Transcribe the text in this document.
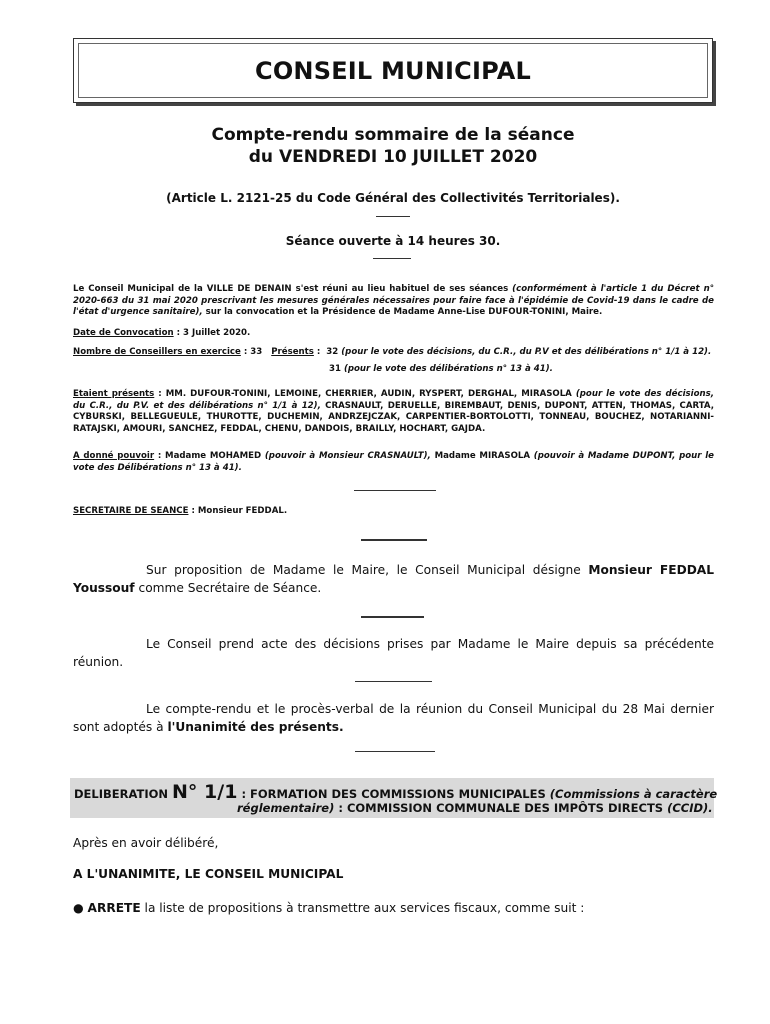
CONSEIL MUNICIPAL
Compte-rendu sommaire de la séance
du VENDREDI 10 JUILLET 2020
(Article L. 2121-25 du Code Général des Collectivités Territoriales).
Séance ouverte à 14 heures 30.
Le Conseil Municipal de la VILLE DE DENAIN s'est réuni au lieu habituel de ses séances (conformément à l'article 1 du Décret n° 2020-663 du 31 mai 2020 prescrivant les mesures générales nécessaires pour faire face à l'épidémie de Covid-19 dans le cadre de l'état d'urgence sanitaire), sur la convocation et la Présidence de Madame Anne-Lise DUFOUR-TONINI, Maire.
Date de Convocation : 3 Juillet 2020.
Nombre de Conseillers en exercice : 33   Présents :  32 (pour le vote des décisions, du C.R., du P.V et des délibérations n° 1/1 à 12).
31 (pour le vote des délibérations n° 13 à 41).
Etaient présents : MM. DUFOUR-TONINI, LEMOINE, CHERRIER, AUDIN, RYSPERT, DERGHAL, MIRASOLA (pour le vote des décisions, du C.R., du P.V. et des délibérations n° 1/1 à 12), CRASNAULT, DERUELLE, BIREMBAUT, DENIS, DUPONT, ATTEN, THOMAS, CARTA, CYBURSKI, BELLEGUEULE, THUROTTE, DUCHEMIN, ANDRZEJCZAK, CARPENTIER-BORTOLOTTI, TONNEAU, BOUCHEZ, NOTARIANNI-RATAJSKI, AMOURI, SANCHEZ, FEDDAL, CHENU, DANDOIS, BRAILLY, HOCHART, GAJDA.
A donné pouvoir : Madame MOHAMED (pouvoir à Monsieur CRASNAULT), Madame MIRASOLA (pouvoir à Madame DUPONT, pour le vote des Délibérations n° 13 à 41).
SECRETAIRE DE SEANCE : Monsieur FEDDAL.
Sur proposition de Madame le Maire, le Conseil Municipal désigne Monsieur FEDDAL Youssouf comme Secrétaire de Séance.
Le Conseil prend acte des décisions prises par Madame le Maire depuis sa précédente réunion.
Le compte-rendu et le procès-verbal de la réunion du Conseil Municipal du 28 Mai dernier sont adoptés à l'Unanimité des présents.
DELIBERATION N° 1/1 : FORMATION DES COMMISSIONS MUNICIPALES (Commissions à caractère
réglementaire) : COMMISSION COMMUNALE DES IMPÔTS DIRECTS (CCID).
Après en avoir délibéré,
A L'UNANIMITE, LE CONSEIL MUNICIPAL
● ARRETE la liste de propositions à transmettre aux services fiscaux, comme suit :
